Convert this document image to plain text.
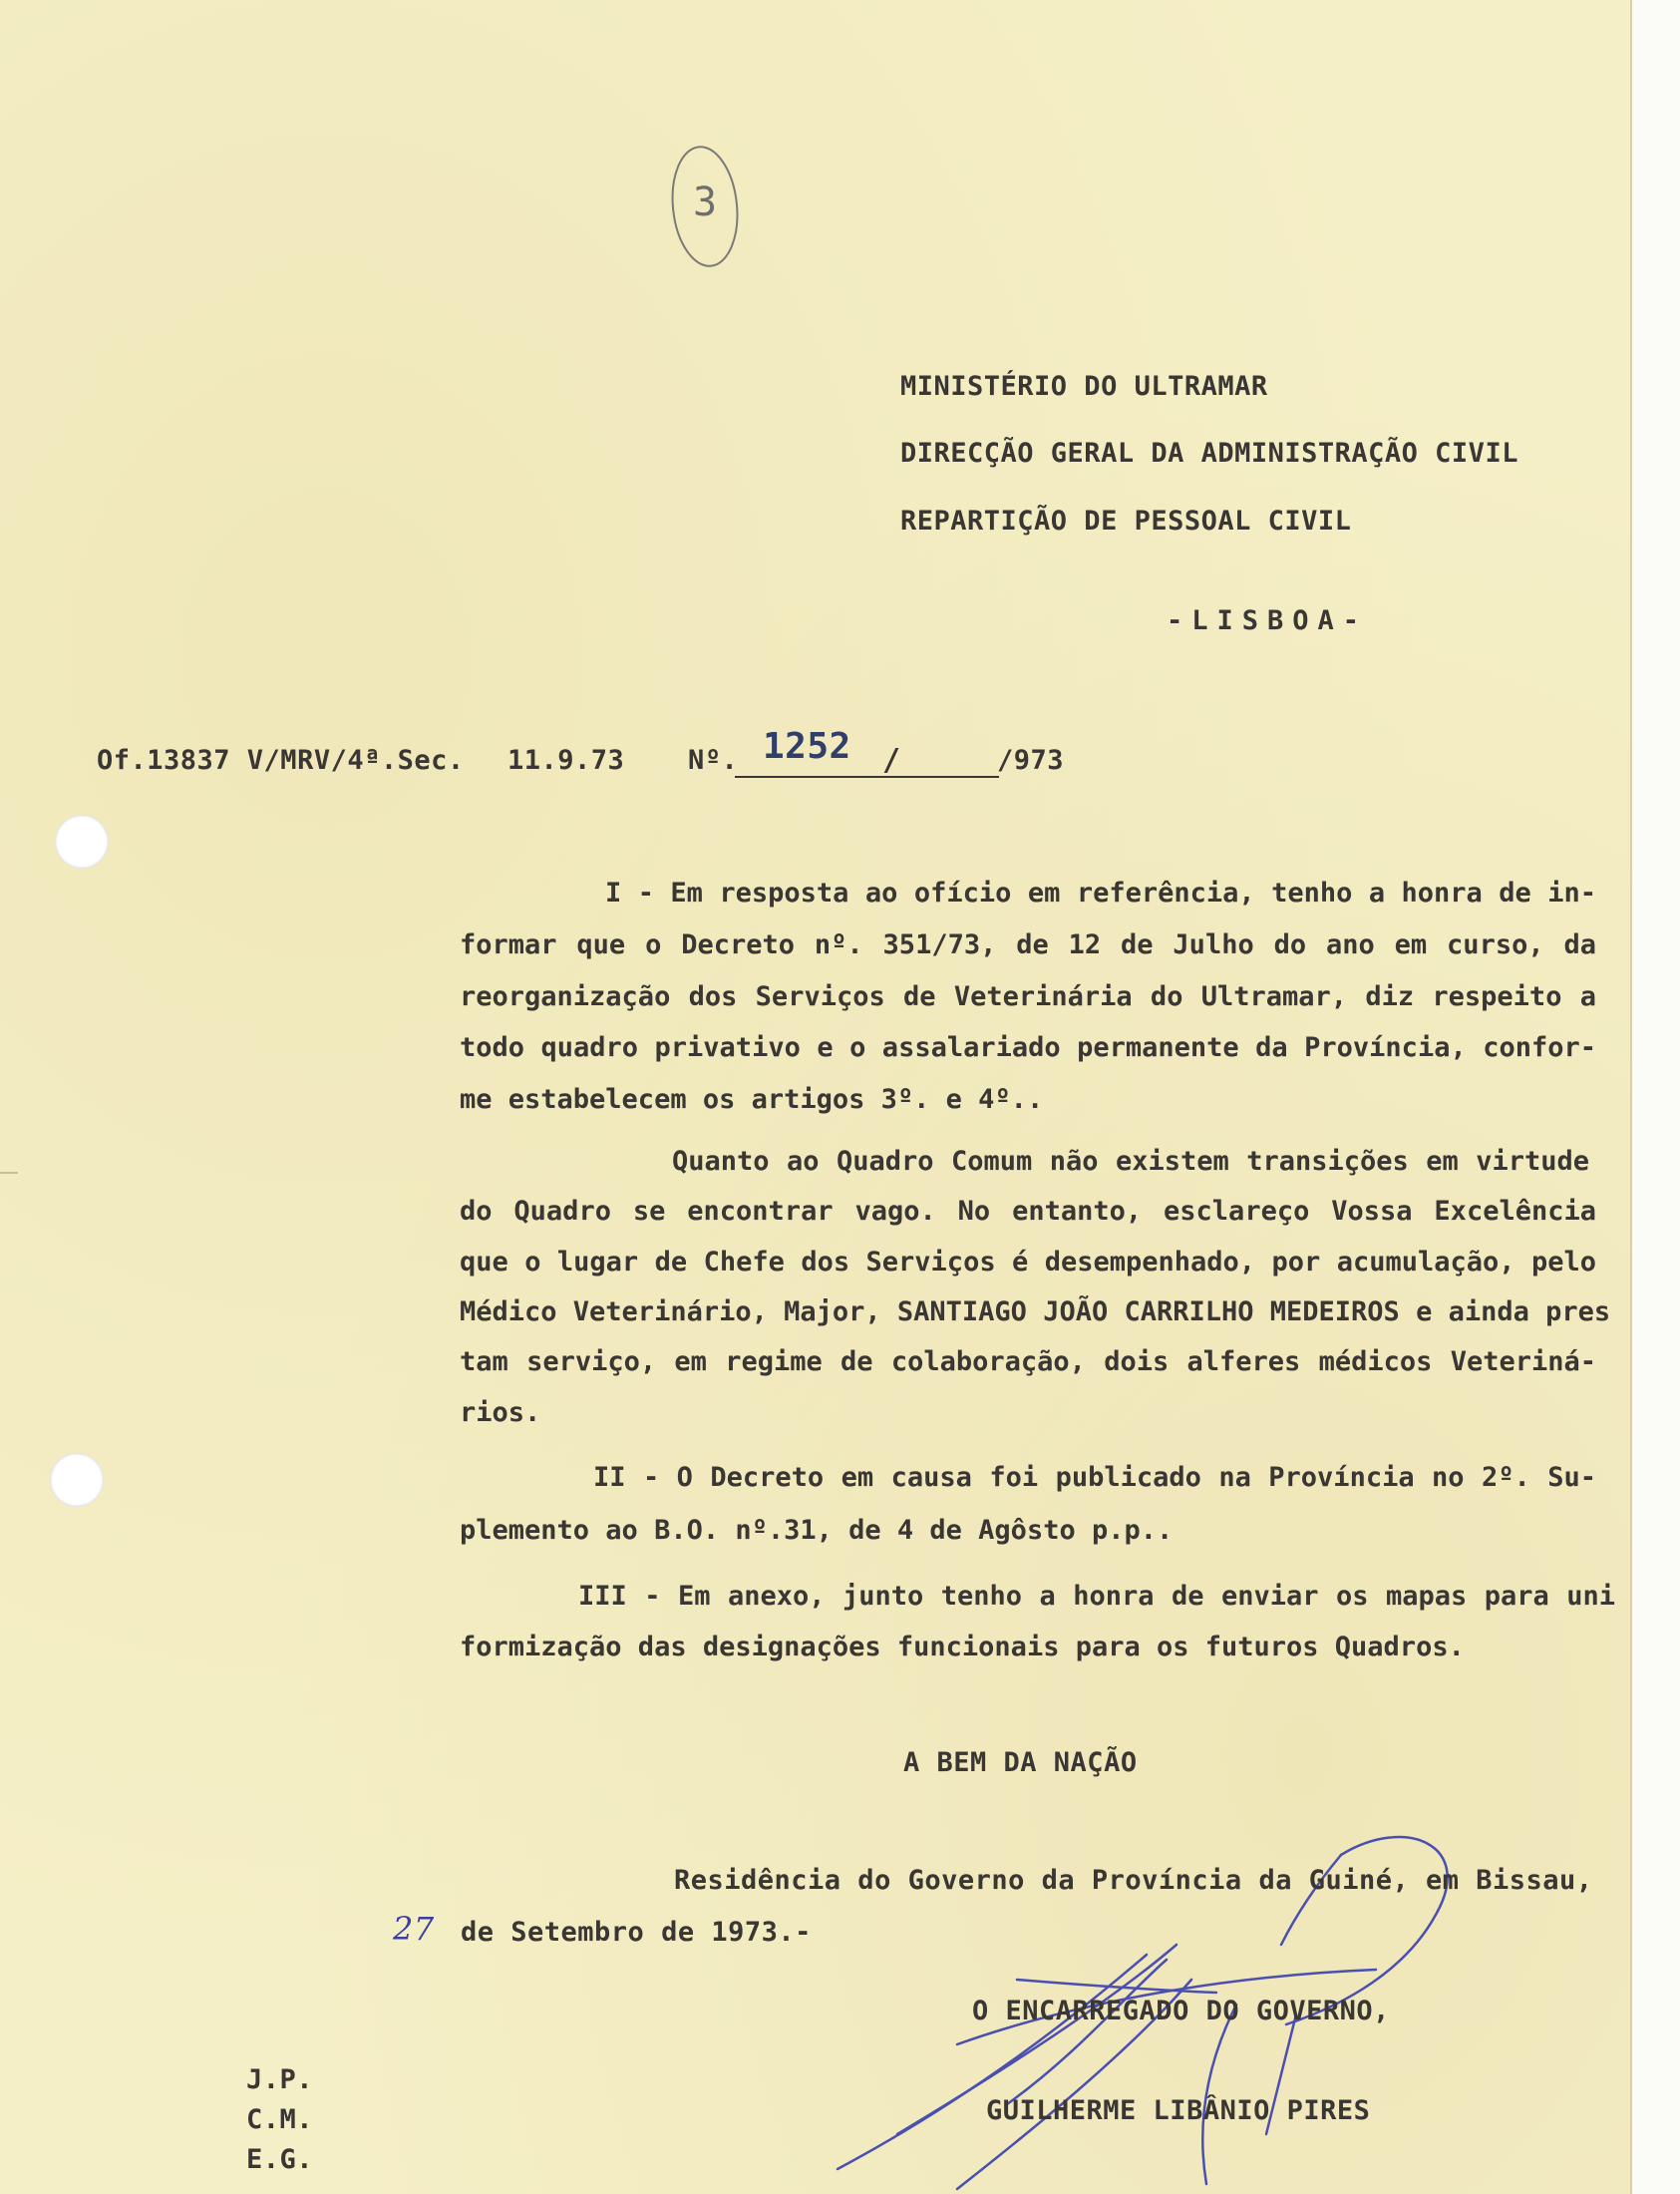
3
MINISTÉRIO DO ULTRAMAR
DIRECÇÃO GERAL DA ADMINISTRAÇÃO CIVIL
REPARTIÇÃO DE PESSOAL CIVIL
-LISBOA-
Of.13837 V/MRV/4ª.Sec. 11.9.73 Nº. 1252 /	/973
I - Em resposta ao ofício em referência, tenho a honra de in-
formar que o Decreto nº. 351/73, de 12 de Julho do ano em curso, da
reorganização dos Serviços de Veterinária do Ultramar, diz respeito a
todo quadro privativo e o assalariado permanente da Província, confor-
me estabelecem os artigos 3º. e 4º..
Quanto ao Quadro Comum não existem transições em virtude
do Quadro se encontrar vago. No entanto, esclareço Vossa Excelência
que o lugar de Chefe dos Serviços é desempenhado, por acumulação, pelo
Médico Veterinário, Major, SANTIAGO JOÃO CARRILHO MEDEIROS e ainda pres
tam serviço, em regime de colaboração, dois alferes médicos Veteriná-
rios.
II - O Decreto em causa foi publicado na Província no 2º. Su-
plemento ao B.O. nº.31, de 4 de Agôsto p.p..
III - Em anexo, junto tenho a honra de enviar os mapas para uni
formização das designações funcionais para os futuros Quadros.
A BEM DA NAÇÃO
Residência do Governo da Província da Guiné, em Bissau,
27 de Setembro de 1973.-
O ENCARREGADO DO GOVERNO,
GUILHERME LIBÂNIO PIRES
J.P.
C.M.
E.G.
